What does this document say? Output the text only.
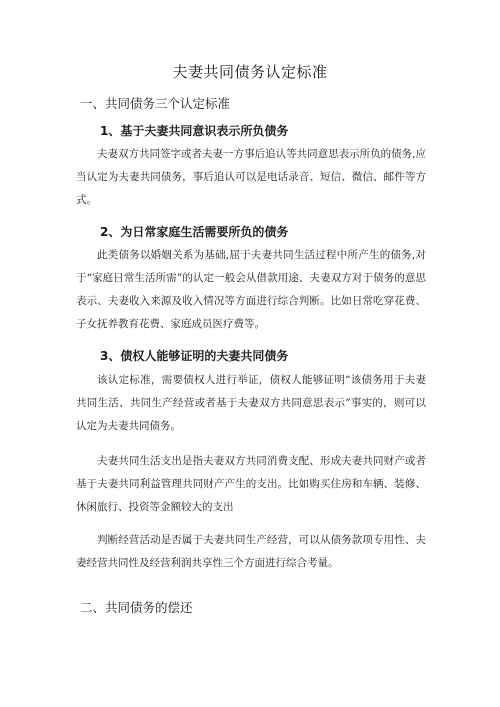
夫妻共同债务认定标准
一、共同债务三个认定标准
1、基于夫妻共同意识表示所负债务

夫妻双方共同签字或者夫妻一方事后追认等共同意思表示所负的债务,应当认定为夫妻共同债务，事后追认可以是电话录音、短信、微信、邮件等方式。

2、为日常家庭生活需要所负的债务

此类债务以婚姻关系为基础,屈于夫妻共同生活过程中所产生的债务,对于“家庭日常生活所需”的认定一般会从借款用途、夫妻双方对于债务的意思表示、夫妻收入来源及收入情况等方面进行综合判断。比如日常吃穿花费、子女抚养教育花费、家庭成员医疗费等。

3、债权人能够证明的夫妻共同债务

该认定标准，需要债权人进行举证，债权人能够证明“该债务用于夫妻共同生活、共同生产经营或者基于夫妻双方共同意思表示”事实的，则可以认定为夫妻共同债务。

夫妻共同生活支出是指夫妻双方共同消费支配、形成夫妻共同财产或者基于夫妻共同利益管理共同财产产生的支出。比如购买住房和车辆、装修、休闲旅行、投资等金额较大的支出

判断经营活动是否属于夫妻共同生产经营，可以从债务款项专用性、夫妻经营共同性及经营利润共享性三个方面进行综合考量。

二、共同债务的偿还
